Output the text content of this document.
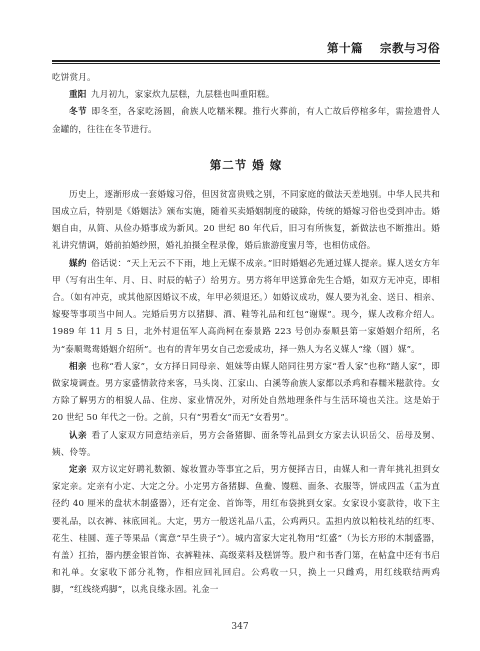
第十篇 宗教与习俗

吃饼赏月。

重阳  九月初九，家家炊九层糕，九层糕也叫重阳糕。

冬节  即冬至，各家吃汤圆，俞族人吃糯米粿。推行火葬前，有人亡故后停棺多年，需捡遗骨人金罐的，往往在冬节进行。

第二节 婚 嫁

历史上，逐渐形成一套婚嫁习俗，但因贫富贵贱之别，不同家庭的做法天差地别。中华人民共和国成立后，特别是《婚姻法》颁布实施，随着买卖婚姻制度的破除，传统的婚嫁习俗也受到冲击。婚姻自由，从简、从俭办婚事成为新风。20 世纪 80 年代后，旧习有所恢复，新做法也不断推出。婚礼讲究情调，婚前拍婚纱照，婚礼拍摄全程录像，婚后旅游度蜜月等，也相仿成俗。

媒约  俗话说：“天上无云不下雨，地上无媒不成亲。”旧时婚姻必先通过媒人提亲。媒人送女方年甲（写有出生年、月、日、时辰的帖子）给男方。男方将年甲送算命先生合婚，如双方无冲克，即相合。（如有冲克，或其他原因婚议不成，年甲必须退还。）如婚议成功，媒人要为礼金、送日、相亲、嫁娶等事项当中间人。完婚后男方以猪脚、酒、鞋等礼品和红包“谢媒”。现今，媒人改称介绍人。1989 年 11 月 5 日，北外村退伍军人高尚柯在泰景路 223 号创办泰顺县第一家婚姻介绍所，名为“泰顺鸳鸯婚姻介绍所”。也有的青年男女自己恋爱成功，择一熟人为名义媒人“缘（圆）媒”。

相亲  也称“看人家”，女方择日同母亲、姐妹等由媒人陪同往男方家“看人家”也称“踏人家”，即做家境调查。男方家盛情款待来客，马头岗、江家山、白溪等俞族人家都以杀鸡和春糯米糍款待。女方除了解男方的相貌人品、住房、家业情况外，对所处自然地理条件与生活环境也关注。这是始于 20 世纪 50 年代之一份。之前，只有“男看女”而无“女看男”。

认亲  看了人家双方同意结亲后，男方会备猪脚、面条等礼品到女方家去认识岳父、岳母及舅、姨、伶等。

定亲  双方议定好聘礼数额、嫁妆置办等事宜之后，男方便择吉日，由媒人和一青年挑礼担到女家定亲。定亲有小定、大定之分。小定男方备猪脚、鱼鲞、馒糕、面条、衣服等，饼成四盂（盂为直径约 40 厘米的盘状木制盛器），还有定金、首饰等，用红布袋挑到女家。女家设小宴款待，收下主要礼品，以衣裤、袜底回礼。大定，男方一般送礼品八盂，公鸡两只。盂担内放以粕枝礼结的红枣、花生、桂圆、莲子等果品（寓意“早生贵子”）。城内富家大定礼物用“红盛”（为长方形的木制盛器，有盖）扛抬，器内摆金银首饰、衣裤鞋袜、高级菜料及糕饼等。股户和书香门第，在帖盒中还有书启和礼单。女家收下部分礼物，作相应回礼回启。公鸡收一只，换上一只雌鸡，用红线联结两鸡脚，“红线绕鸡脚”，以兆良缘永固。礼金一

347
